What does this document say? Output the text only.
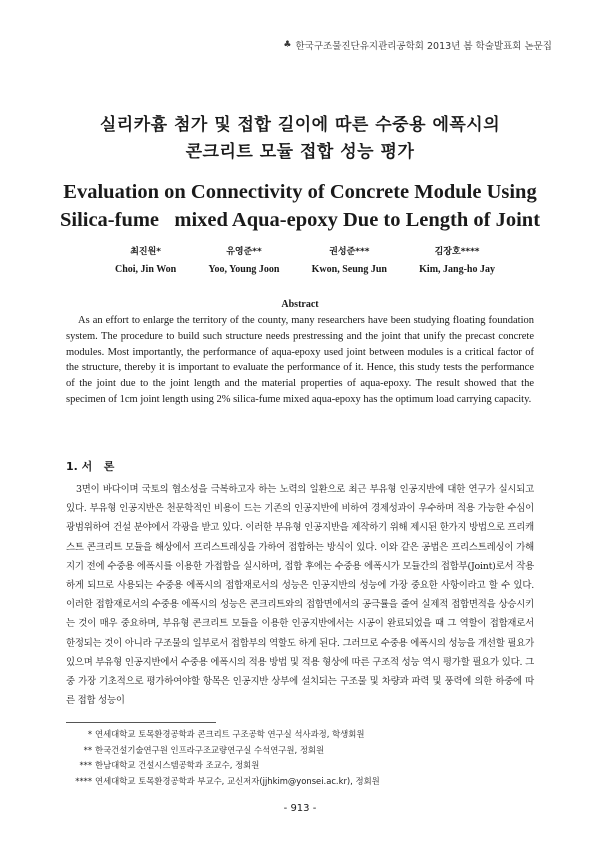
♣ 한국구조물진단유지관리공학회 2013년 봄 학술발표회 논문집
실리카흄 첨가 및 접합 길이에 따른 수중용 에폭시의
콘크리트 모듈 접합 성능 평가
Evaluation on Connectivity of Concrete Module Using
Silica-fume   mixed Aqua-epoxy Due to Length of Joint
최진원*
Choi, Jin Won
유영준**
Yoo, Young Joon
권성준***
Kwon, Seung Jun
김장호****
Kim, Jang-ho Jay
Abstract

As an effort to enlarge the territory of the county, many researchers have been studying floating foundation system. The procedure to build such structure needs prestressing and the joint that unify the precast concrete modules. Most importantly, the performance of aqua-epoxy used joint between modules is a critical factor of the structure, thereby it is important to evaluate the performance of it. Hence, this study tests the performance of the joint due to the joint length and the material properties of aqua-epoxy. The result showed that the specimen of 1cm joint length using 2% silica-fume mixed aqua-epoxy has the optimum load carrying capacity.

1. 서   론

3면이 바다이며 국토의 협소성을 극복하고자 하는 노력의 일환으로 최근 부유형 인공지반에 대한 연구가 실시되고 있다. 부유형 인공지반은 천문학적인 비용이 드는 기존의 인공지반에 비하여 경제성과이 우수하며 적용 가능한 수심이 광범위하여 건설 분야에서 각광을 받고 있다. 이러한 부유형 인공지반을 제작하기 위해 제시된 한가지 방법으로 프리캐스트 콘크리트 모듈을 해상에서 프리스트레싱을 가하여 접합하는 방식이 있다. 이와 같은 공법은 프리스트레싱이 가해지기 전에 수중용 에폭시를 이용한 가접합을 실시하며, 접합 후에는 수중용 에폭시가 모듈간의 접합부(Joint)로서 작용하게 되므로 사용되는 수중용 에폭시의 접합재로서의 성능은 인공지반의 성능에 가장 중요한 사항이라고 할 수 있다. 이러한 접합재로서의 수중용 에폭시의 성능은 콘크리트와의 접합면에서의 공극률을 줄여 실제적 접합면적을 상승시키는 것이 매우 중요하며, 부유형 콘크리트 모듈을 이용한 인공지반에서는 시공이 완료되었을 때 그 역할이 접합재로서 한정되는 것이 아니라 구조물의 일부로서 접합부의 역할도 하게 된다. 그러므로 수중용 에폭시의 성능을 개선할 필요가 있으며 부유형 인공지반에서 수중용 에폭시의 적용 방법 및 적용 형상에 따른 구조적 성능 역시 평가할 필요가 있다. 그 중 가장 기초적으로 평가하여야할 항목은 인공지반 상부에 설치되는 구조물 및 차량과 파력 및 풍력에 의한 하중에 따른 접합 성능이

* 연세대학교 토목환경공학과 콘크리트 구조공학 연구실 석사과정, 학생회원
** 한국건설기술연구원 인프라구조교량연구실 수석연구원, 정회원
*** 한남대학교 건설시스템공학과 조교수, 정회원
**** 연세대학교 토목환경공학과 부교수, 교신저자(jjhkim@yonsei.ac.kr), 정회원
- 913 -
